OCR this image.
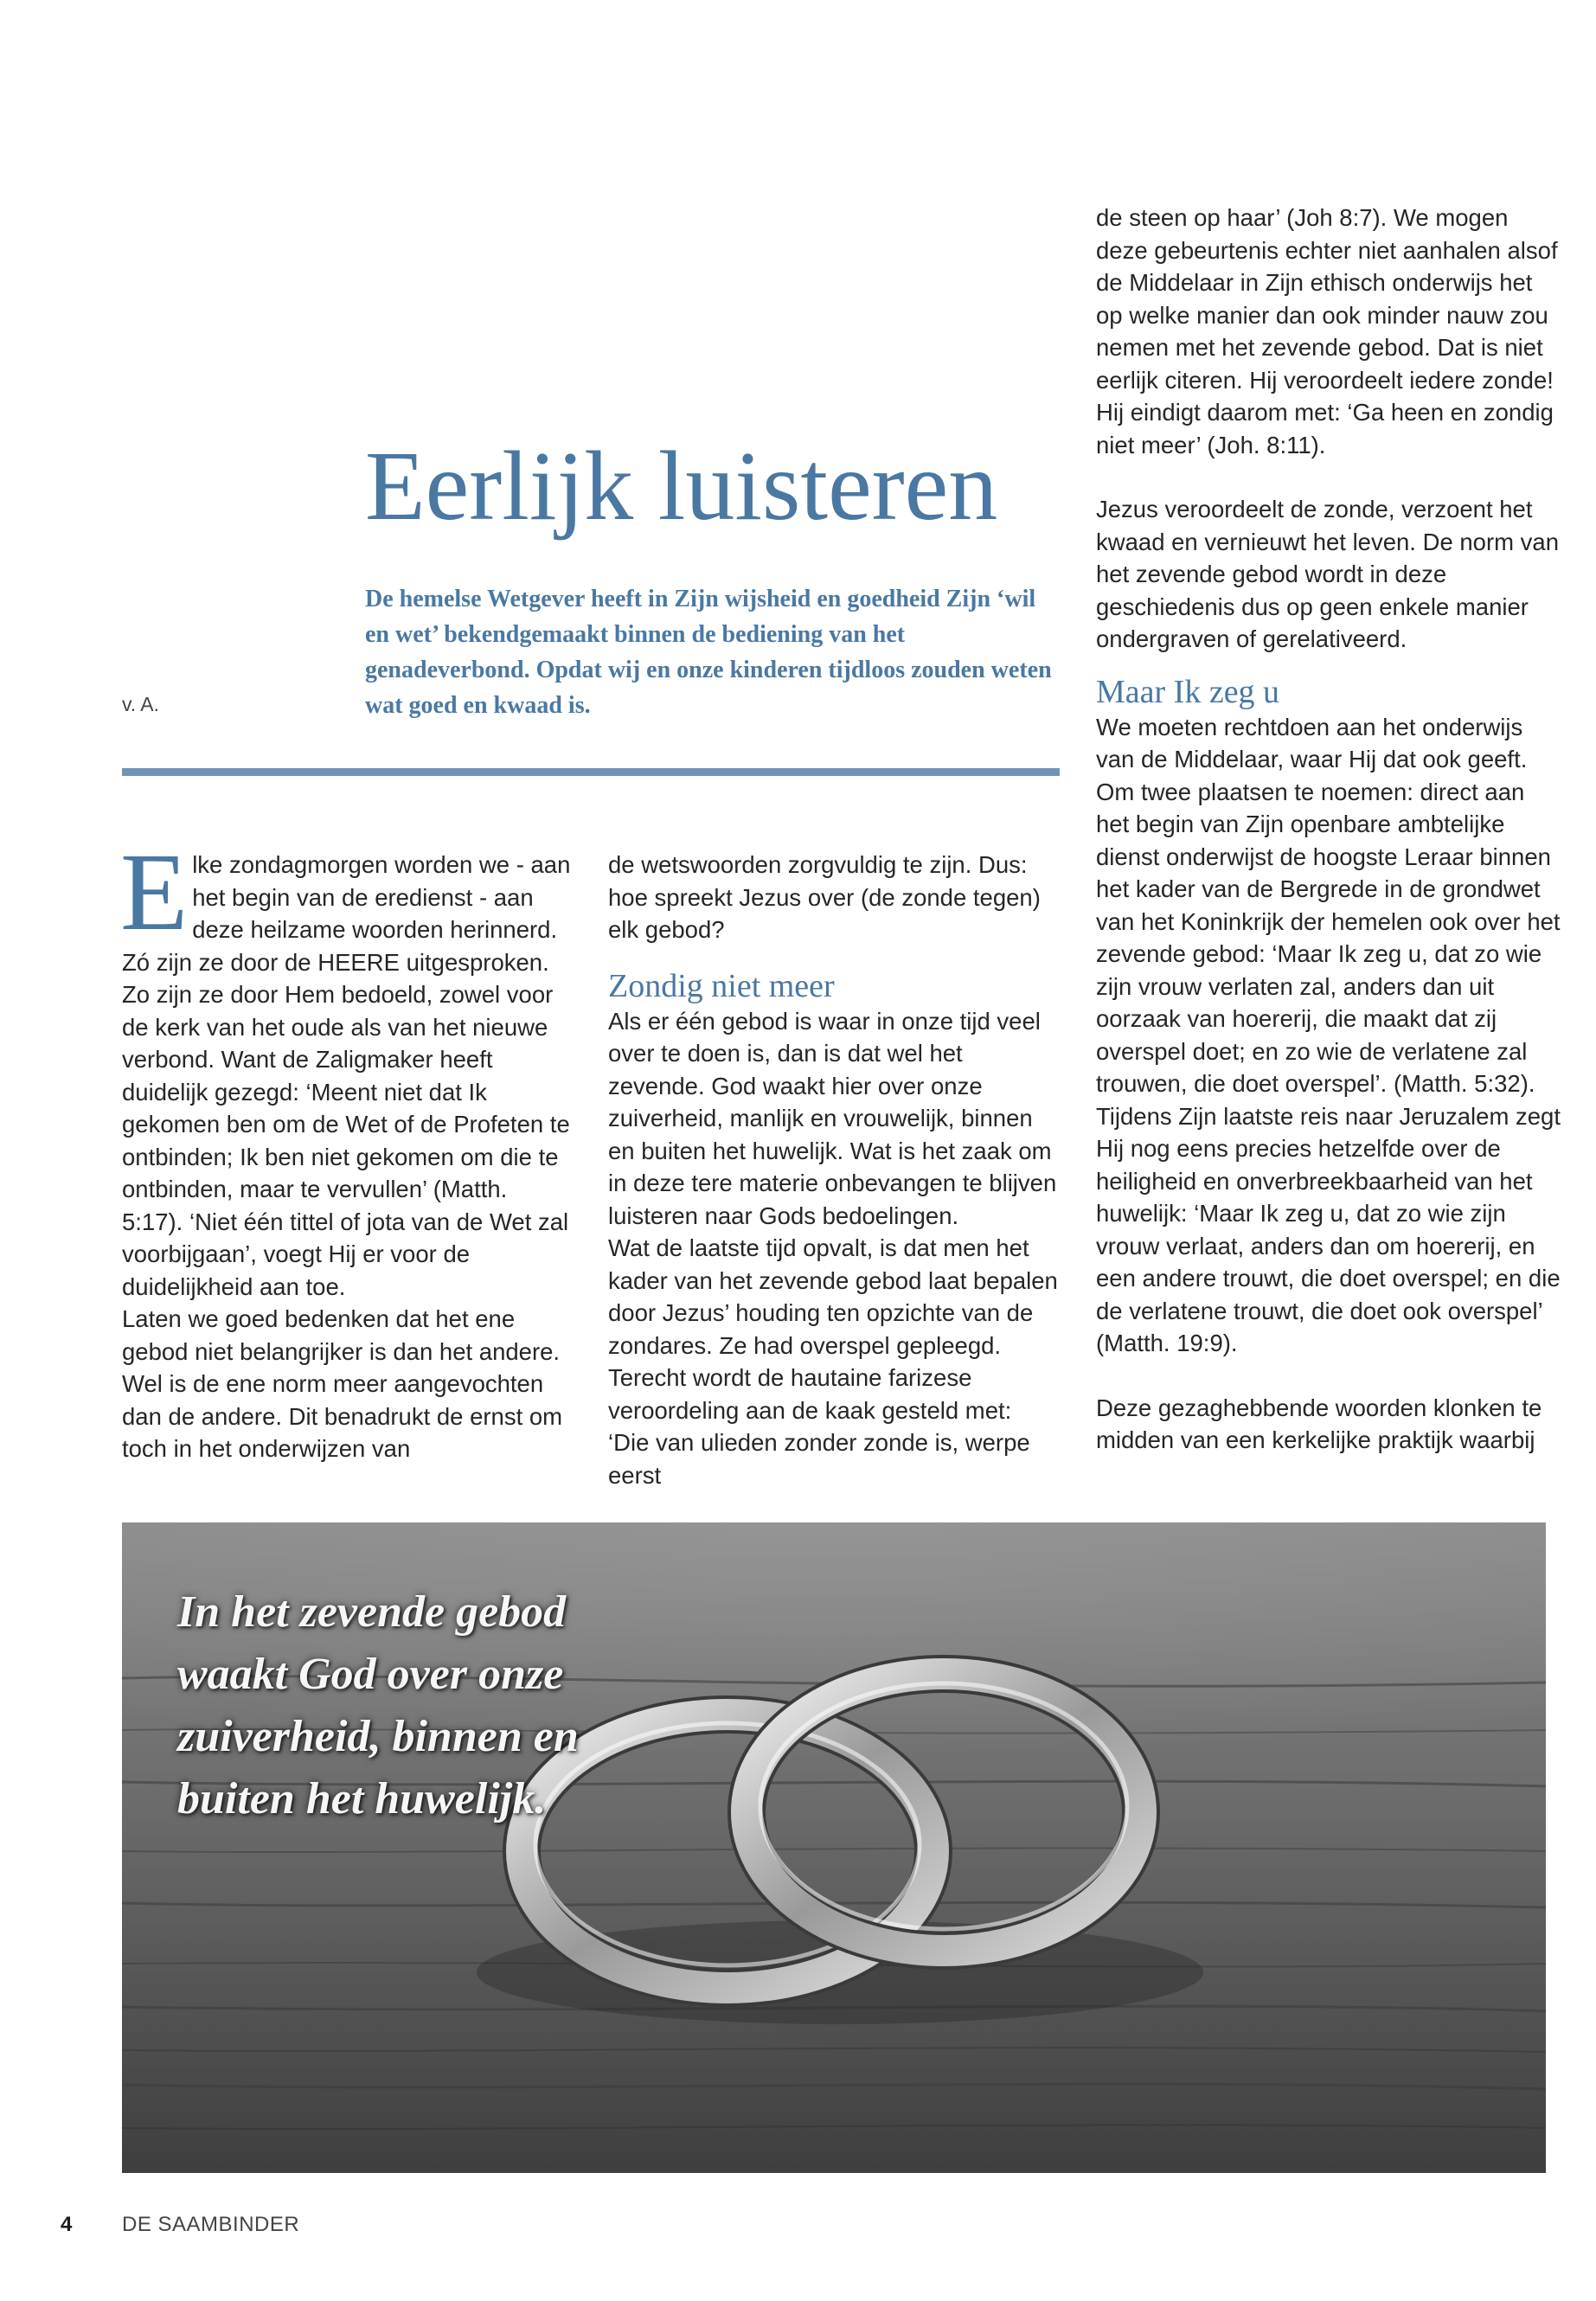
Eerlijk luisteren
De hemelse Wetgever heeft in Zijn wijsheid en goedheid Zijn ‘wil en wet’ bekendgemaakt binnen de bediening van het genadeverbond. Opdat wij en onze kinderen tijdloos zouden weten wat goed en kwaad is.
v. A.
E lke zondagmorgen worden we - aan het begin van de eredienst - aan deze heilzame woorden herinnerd. Zó zijn ze door de HEERE uitgesproken. Zo zijn ze door Hem bedoeld, zowel voor de kerk van het oude als van het nieuwe verbond. Want de Zaligmaker heeft duidelijk gezegd: ‘Meent niet dat Ik gekomen ben om de Wet of de Profeten te ontbinden; Ik ben niet gekomen om die te ontbinden, maar te vervullen’ (Matth. 5:17). ‘Niet één tittel of jota van de Wet zal voorbijgaan’, voegt Hij er voor de duidelijkheid aan toe.

Laten we goed bedenken dat het ene gebod niet belangrijker is dan het andere. Wel is de ene norm meer aangevochten dan de andere. Dit benadrukt de ernst om toch in het onderwijzen van

de wetswoorden zorgvuldig te zijn. Dus: hoe spreekt Jezus over (de zonde tegen) elk gebod?

Zondig niet meer

Als er één gebod is waar in onze tijd veel over te doen is, dan is dat wel het zevende. God waakt hier over onze zuiverheid, manlijk en vrouwelijk, binnen en buiten het huwelijk. Wat is het zaak om in deze tere materie onbevangen te blijven luisteren naar Gods bedoelingen.

Wat de laatste tijd opvalt, is dat men het kader van het zevende gebod laat bepalen door Jezus’ houding ten opzichte van de zondares. Ze had overspel gepleegd. Terecht wordt de hautaine farizese veroordeling aan de kaak gesteld met: ‘Die van ulieden zonder zonde is, werpe eerst

de steen op haar’ (Joh 8:7). We mogen deze gebeurtenis echter niet aanhalen alsof de Middelaar in Zijn ethisch onderwijs het op welke manier dan ook minder nauw zou nemen met het zevende gebod. Dat is niet eerlijk citeren. Hij veroordeelt iedere zonde! Hij eindigt daarom met: ‘Ga heen en zondig niet meer’ (Joh. 8:11).

Jezus veroordeelt de zonde, verzoent het kwaad en vernieuwt het leven. De norm van het zevende gebod wordt in deze geschiedenis dus op geen enkele manier ondergraven of gerelativeerd.

Maar Ik zeg u

We moeten rechtdoen aan het onderwijs van de Middelaar, waar Hij dat ook geeft. Om twee plaatsen te noemen: direct aan het begin van Zijn openbare ambtelijke dienst onderwijst de hoogste Leraar binnen het kader van de Bergrede in de grondwet van het Koninkrijk der hemelen ook over het zevende gebod: ‘Maar Ik zeg u, dat zo wie zijn vrouw verlaten zal, anders dan uit oorzaak van hoererij, die maakt dat zij overspel doet; en zo wie de verlatene zal trouwen, die doet overspel’. (Matth. 5:32). Tijdens Zijn laatste reis naar Jeruzalem zegt Hij nog eens precies hetzelfde over de heiligheid en onverbreekbaarheid van het huwelijk: ‘Maar Ik zeg u, dat zo wie zijn vrouw verlaat, anders dan om hoererij, en een andere trouwt, die doet overspel; en die de verlatene trouwt, die doet ook overspel’ (Matth. 19:9).

Deze gezaghebbende woorden klonken te midden van een kerkelijke praktijk waarbij

In het zevende gebod waakt God over onze zuiverheid, binnen en buiten het huwelijk.
4 DE SAAMBINDER
